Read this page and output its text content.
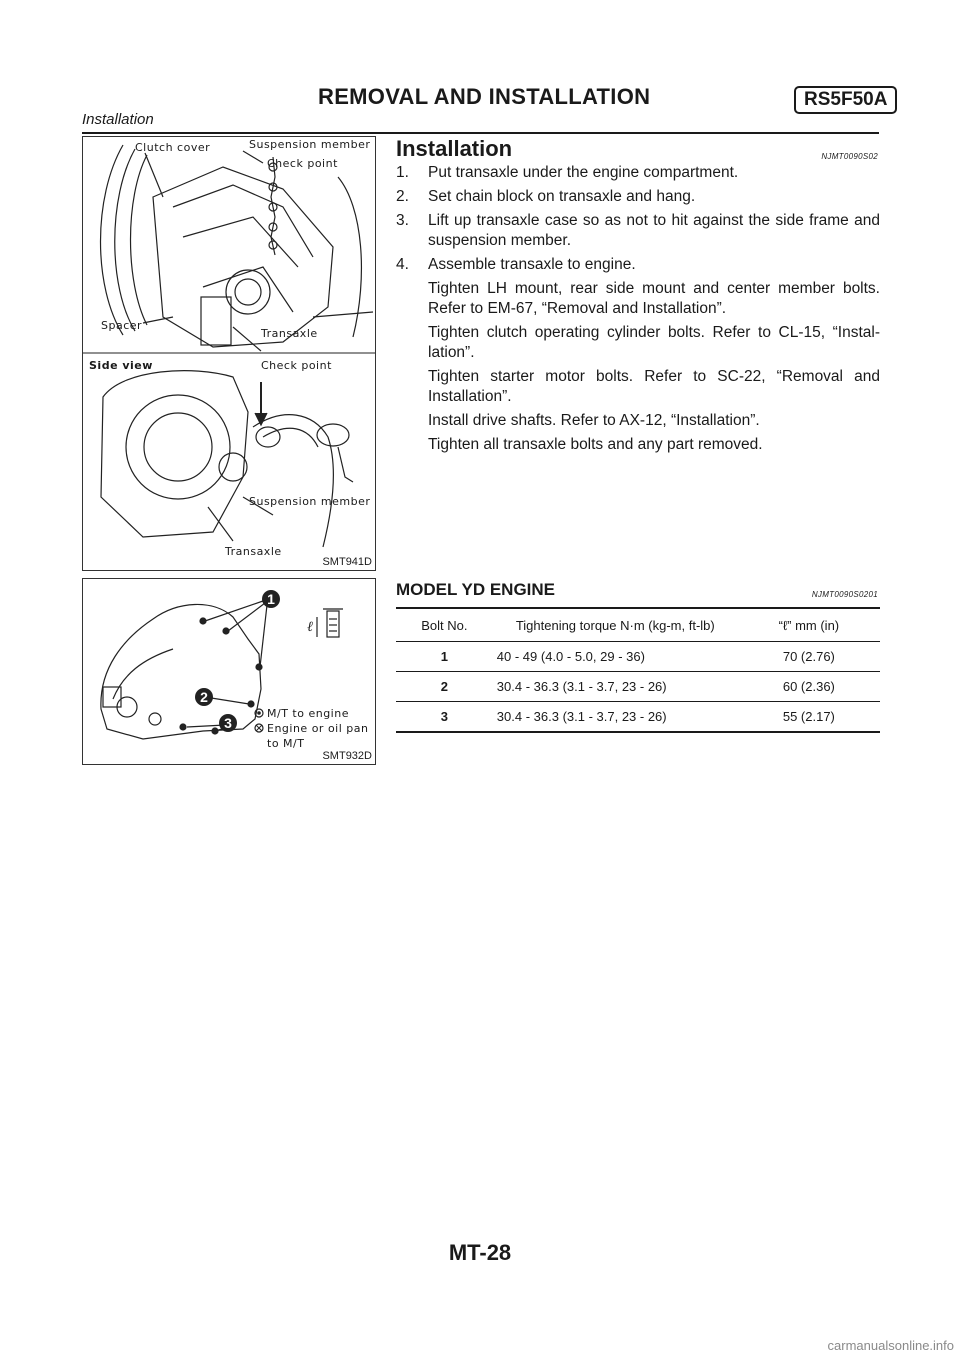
REMOVAL AND INSTALLATION	RS5F50A
Installation
Clutch cover	Suspension member
Check point
Spacer
Transaxle
Side view	Check point
Suspension member
Transaxle
SMT941D
1
2
3
ℓ
M/T to engine
Engine or oil pan
to M/T
SMT932D
Installation	NJMT0090S02
1. Put transaxle under the engine compartment.
2. Set chain block on transaxle and hang.
3. Lift up transaxle case so as not to hit against the side frame and suspension member.
4. Assemble transaxle to engine.
Tighten LH mount, rear side mount and center member bolts. Refer to EM-67, “Removal and Installation”.
Tighten clutch operating cylinder bolts. Refer to CL-15, “Instal-lation”.
Tighten starter motor bolts. Refer to SC-22, “Removal and Installation”.
Install drive shafts. Refer to AX-12, “Installation”.
Tighten all transaxle bolts and any part removed.
MODEL YD ENGINE	NJMT0090S0201
Bolt No.	Tightening torque N·m (kg-m, ft-lb)	“ℓ” mm (in)
1	40 - 49 (4.0 - 5.0, 29 - 36)	70 (2.76)
2	30.4 - 36.3 (3.1 - 3.7, 23 - 26)	60 (2.36)
3	30.4 - 36.3 (3.1 - 3.7, 23 - 26)	55 (2.17)
MT-28
carmanualsonline.info
